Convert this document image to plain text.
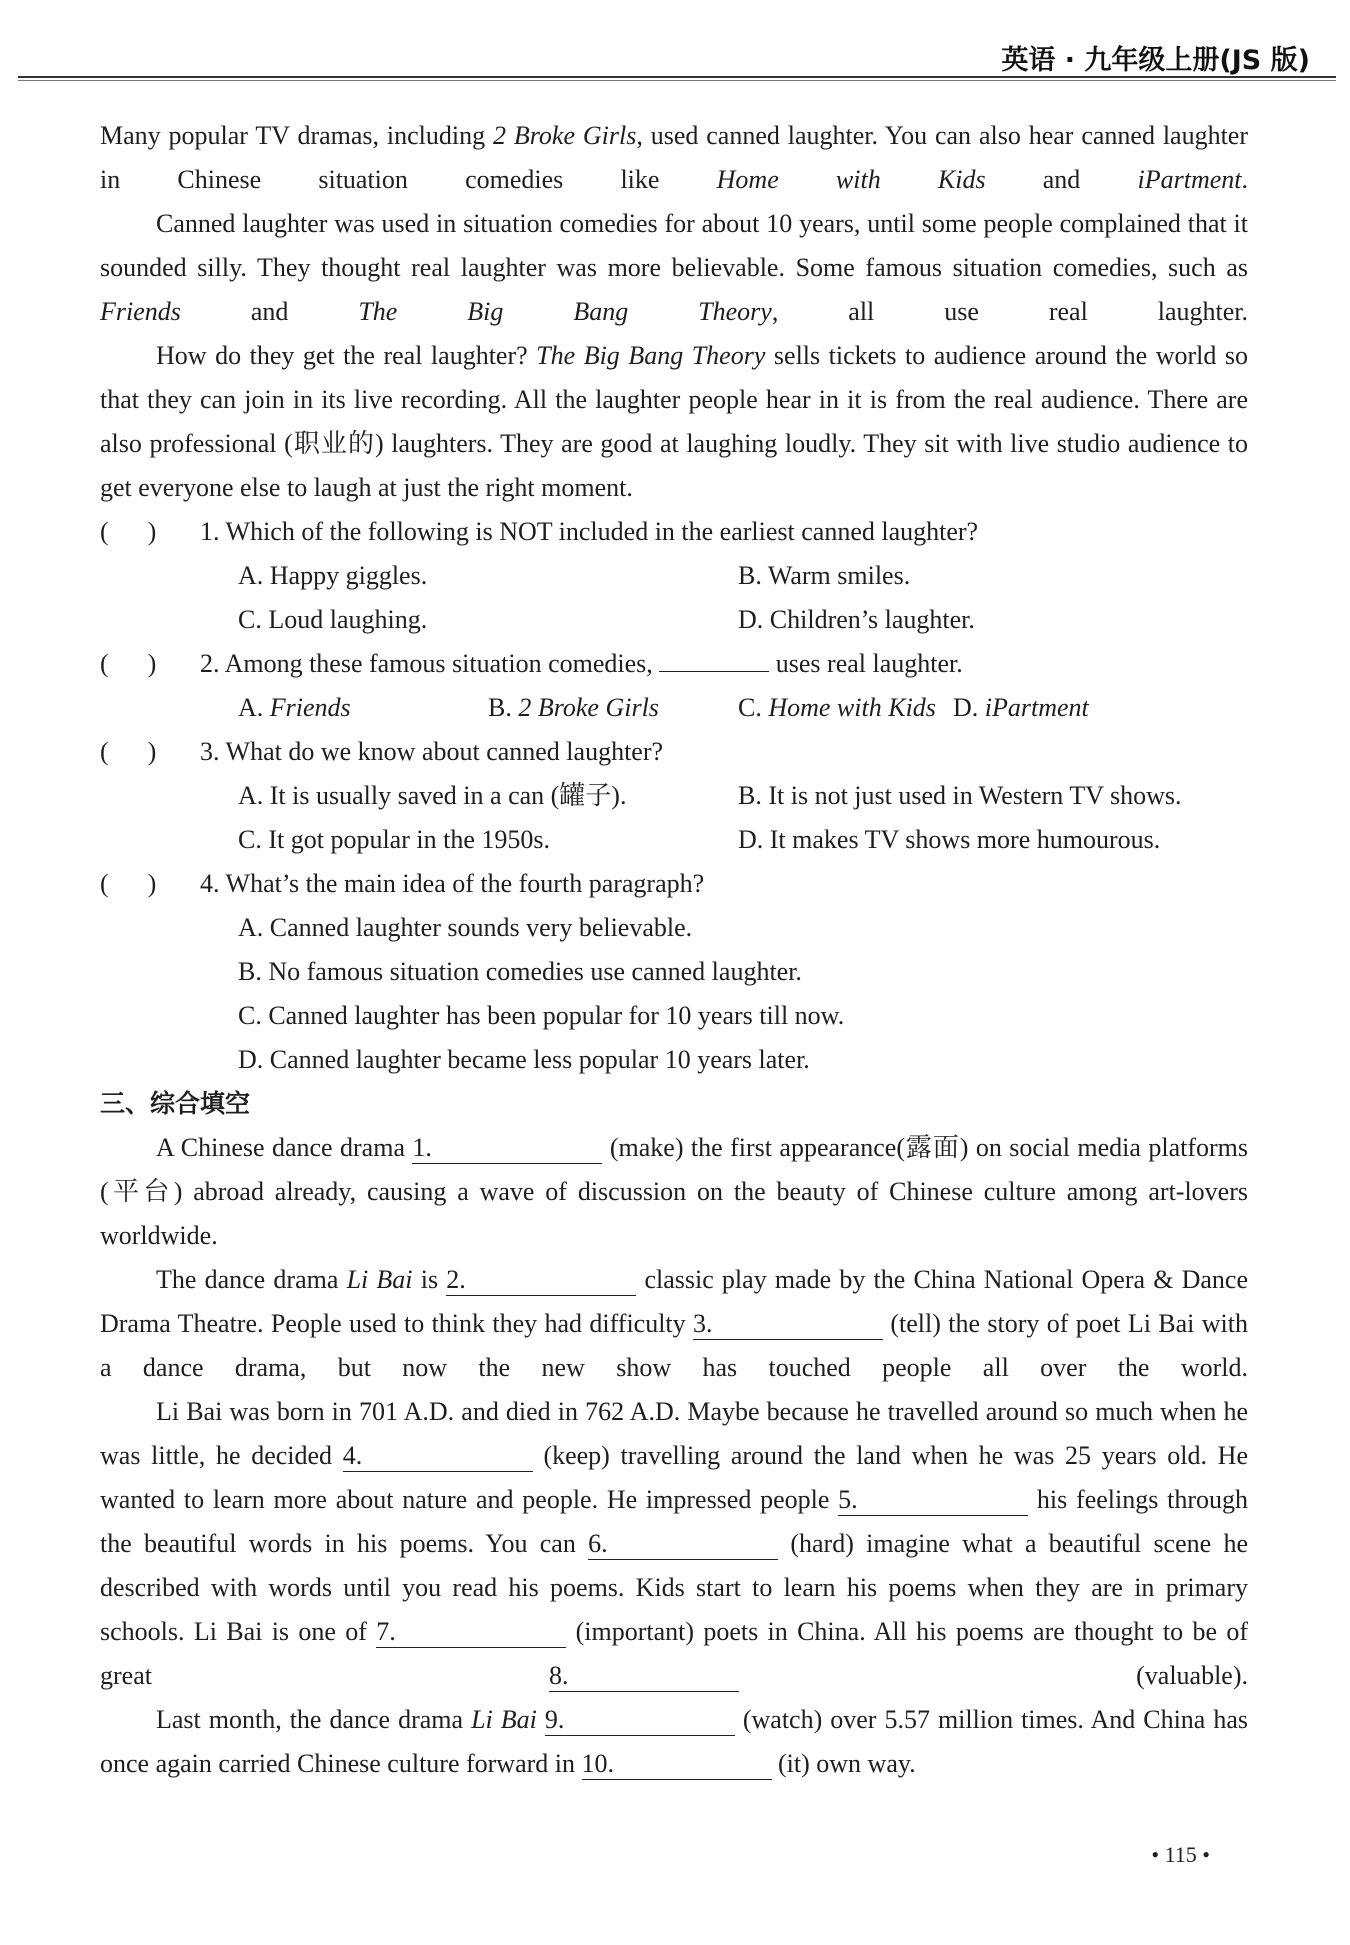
英语 · 九年级上册(JS 版)

Many popular TV dramas, including 2 Broke Girls, used canned laughter. You can also hear canned laughter in Chinese situation comedies like Home with Kids and iPartment.

Canned laughter was used in situation comedies for about 10 years, until some people complained that it sounded silly. They thought real laughter was more believable. Some famous situation comedies, such as Friends and The Big Bang Theory, all use real laughter.

How do they get the real laughter? The Big Bang Theory sells tickets to audience around the world so that they can join in its live recording. All the laughter people hear in it is from the real audience. There are also professional (职业的) laughters. They are good at laughing loudly. They sit with live studio audience to get everyone else to laugh at just the right moment.

(      )	1. Which of the following is NOT included in the earliest canned laughter?
A. Happy giggles.	B. Warm smiles.
C. Loud laughing.	D. Children’s laughter.
(      )	2. Among these famous situation comedies,	uses real laughter.
A. Friends	B. 2 Broke Girls	C. Home with Kids D. iPartment
(      )	3. What do we know about canned laughter?
A. It is usually saved in a can (罐子).	B. It is not just used in Western TV shows.
C. It got popular in the 1950s.	D. It makes TV shows more humourous.
(      )	4. What’s the main idea of the fourth paragraph?
A. Canned laughter sounds very believable.
B. No famous situation comedies use canned laughter.
C. Canned laughter has been popular for 10 years till now.
D. Canned laughter became less popular 10 years later.
三、综合填空

A Chinese dance drama 1.	(make) the first appearance(露面) on social media platforms (平台) abroad already, causing a wave of discussion on the beauty of Chinese culture among art-lovers worldwide.

The dance drama Li Bai is 2.	classic play made by the China National Opera & Dance Drama Theatre. People used to think they had difficulty 3.	(tell) the story of poet Li Bai with a dance drama, but now the new show has touched people all over the world.

Li Bai was born in 701 A.D. and died in 762 A.D. Maybe because he travelled around so much when he was little, he decided 4.	(keep) travelling around the land when he was 25 years old. He wanted to learn more about nature and people. He impressed people 5.	his feelings through the beautiful words in his poems. You can 6.	(hard) imagine what a beautiful scene he described with words until you read his poems. Kids start to learn his poems when they are in primary schools. Li Bai is one of 7.	(important) poets in China. All his poems are thought to be of great 8.	(valuable).

Last month, the dance drama Li Bai 9.	(watch) over 5.57 million times. And China has once again carried Chinese culture forward in 10.	(it) own way.

• 115 •
